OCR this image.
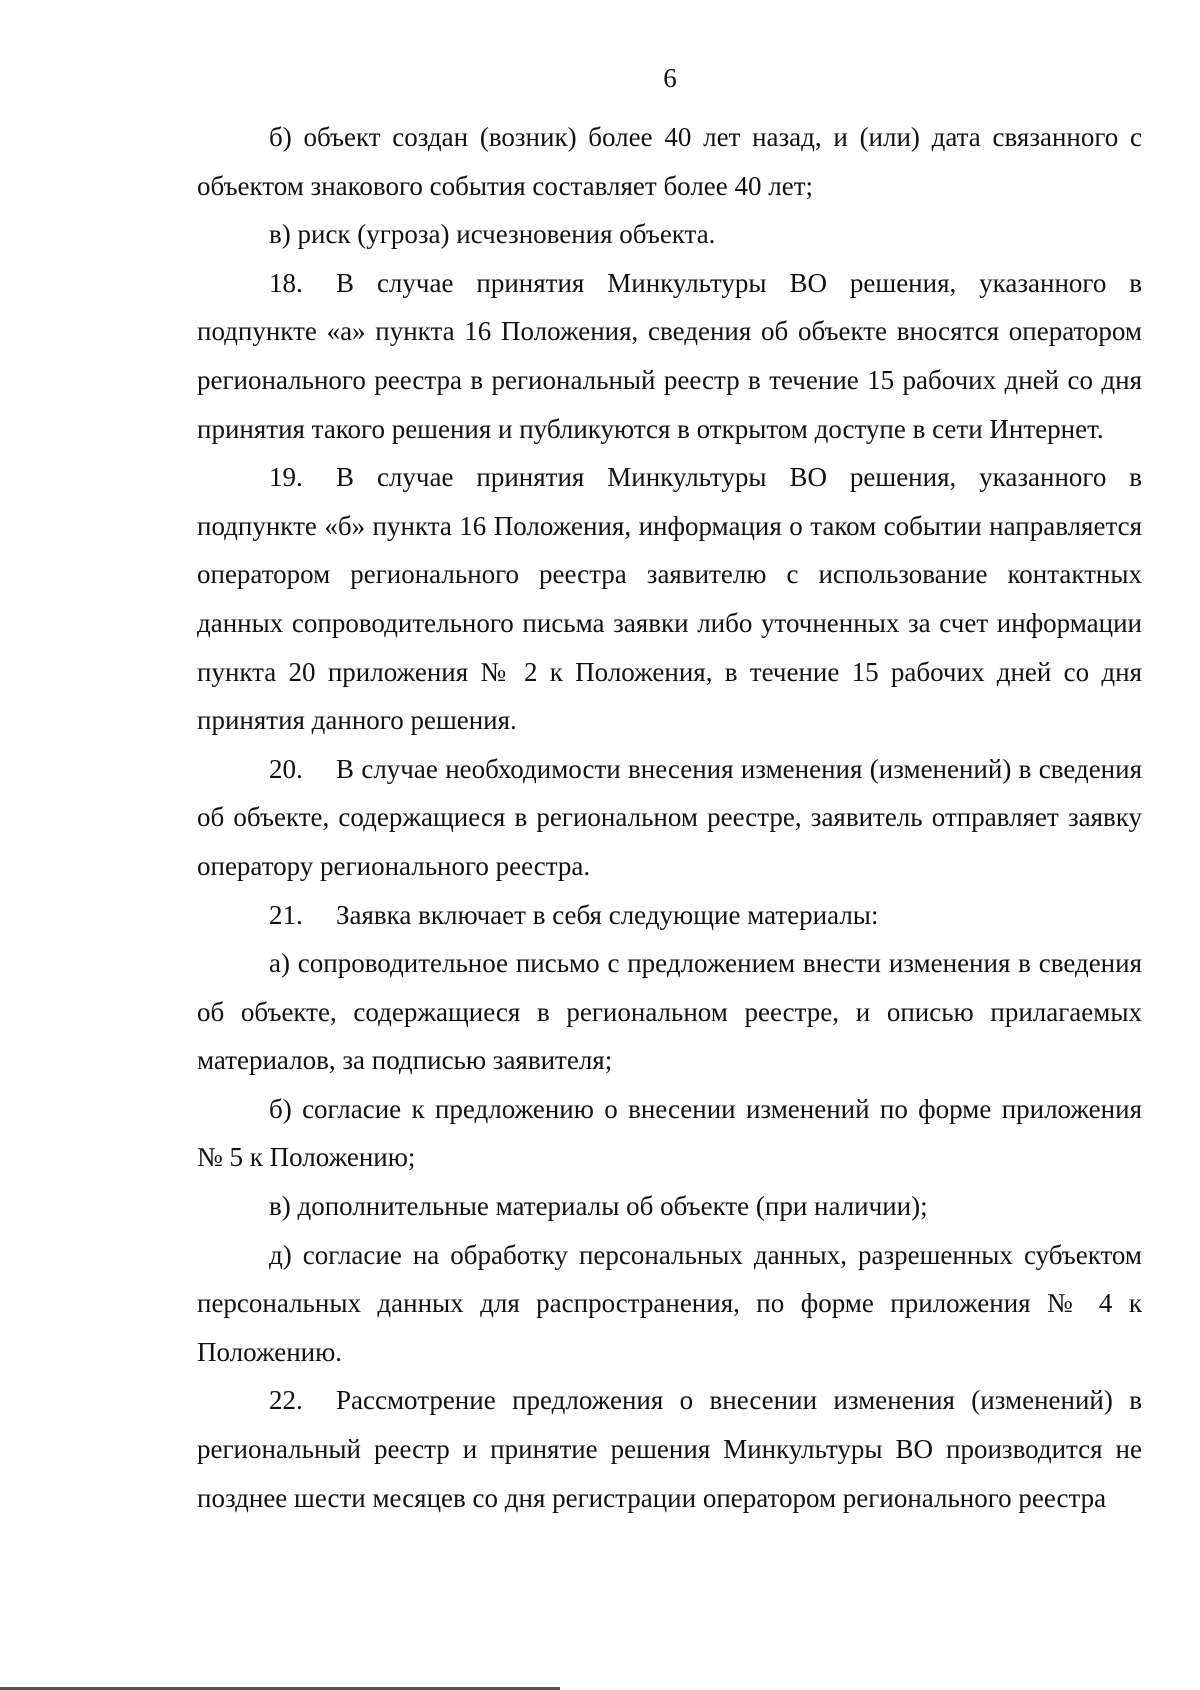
6

б) объект создан (возник) более 40 лет назад, и (или) дата связанного с объектом знакового события составляет более 40 лет;

в) риск (угроза) исчезновения объекта.

18. В случае принятия Минкультуры ВО решения, указанного в подпункте «а» пункта 16 Положения, сведения об объекте вносятся оператором регионального реестра в региональный реестр в течение 15 рабочих дней со дня принятия такого решения и публикуются в открытом доступе в сети Интернет.

19. В случае принятия Минкультуры ВО решения, указанного в подпункте «б» пункта 16 Положения, информация о таком событии направляется оператором регионального реестра заявителю с использование контактных данных сопроводительного письма заявки либо уточненных за счет информации пункта 20 приложения № 2 к Положения, в течение 15 рабочих дней со дня принятия данного решения.

20. В случае необходимости внесения изменения (изменений) в сведения об объекте, содержащиеся в региональном реестре, заявитель отправляет заявку оператору регионального реестра.

21. Заявка включает в себя следующие материалы:

а) сопроводительное письмо с предложением внести изменения в сведения об объекте, содержащиеся в региональном реестре, и описью прилагаемых материалов, за подписью заявителя;

б) согласие к предложению о внесении изменений по форме приложения № 5 к Положению;

в) дополнительные материалы об объекте (при наличии);

д) согласие на обработку персональных данных, разрешенных субъектом персональных данных для распространения, по форме приложения № 4 к Положению.

22. Рассмотрение предложения о внесении изменения (изменений) в региональный реестр и принятие решения Минкультуры ВО производится не позднее шести месяцев со дня регистрации оператором регионального реестра
